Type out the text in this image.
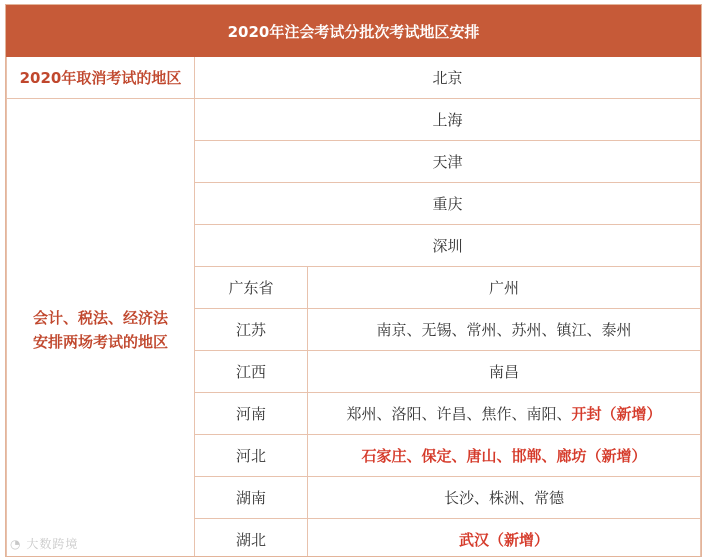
2020年注会考试分批次考试地区安排		
2020年取消考试的地区	北京	

会计、税法、经济法
安排两场考试的地区	上海	
	天津	
	重庆	
	深圳	
	广东省	广州
	江苏	南京、无锡、常州、苏州、镇江、泰州
	江西	南昌
	河南	郑州、洛阳、许昌、焦作、南阳、开封（新增）
	河北	石家庄、保定、唐山、邯郸、廊坊（新增）
	湖南	长沙、株洲、常德
	湖北	武汉（新增）
◔ 大数跨境
